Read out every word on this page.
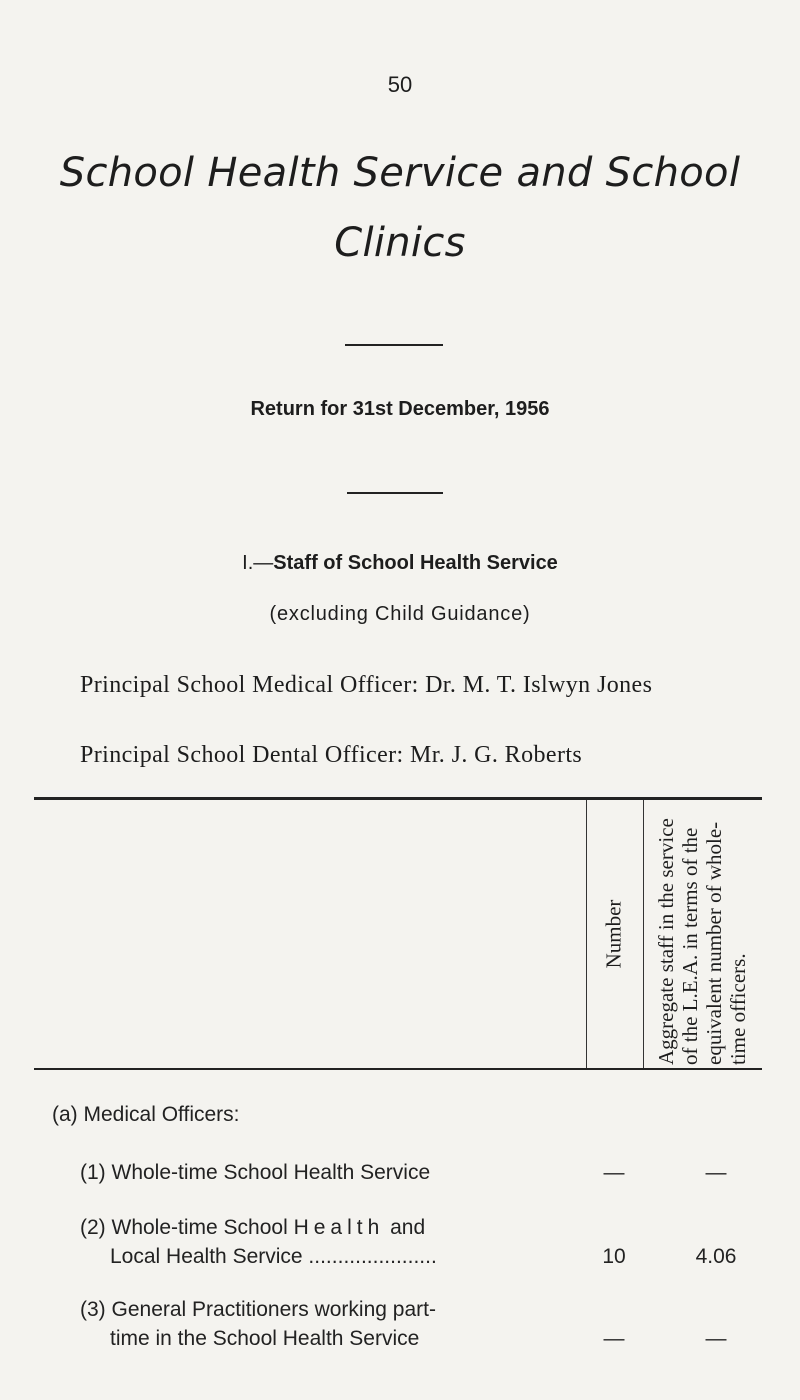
50
School Health Service and School
Clinics
Return for 31st December, 1956
I.—Staff of School Health Service
(excluding Child Guidance)
Principal School Medical Officer: Dr. M. T. Islwyn Jones
Principal School Dental Officer: Mr. J. G. Roberts
Number Aggregate staff in the service of the L.E.A. in terms of the equivalent number of whole-time officers.
(a) Medical Officers:
(1) Whole-time School Health Service	—	—
(2) Whole-time School Health and
Local Health Service ......................	10	4.06
(3) General Practitioners working part-
time in the School Health Service	—	—
